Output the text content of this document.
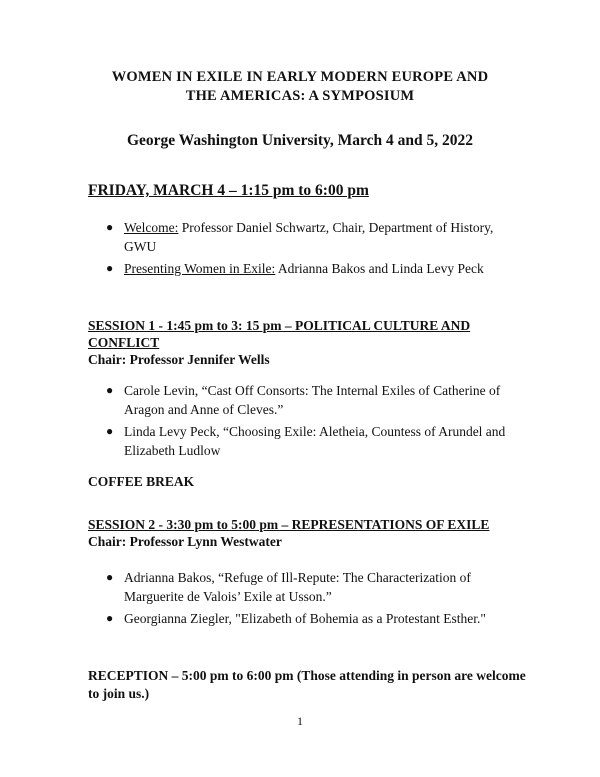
WOMEN IN EXILE IN EARLY MODERN EUROPE AND
THE AMERICAS: A SYMPOSIUM
George Washington University, March 4 and 5, 2022
FRIDAY, MARCH 4 – 1:15 pm to 6:00 pm
● Welcome: Professor Daniel Schwartz, Chair, Department of History, GWU
● Presenting Women in Exile: Adrianna Bakos and Linda Levy Peck
SESSION 1 - 1:45 pm to 3: 15 pm – POLITICAL CULTURE AND CONFLICT
Chair: Professor Jennifer Wells
● Carole Levin, “Cast Off Consorts: The Internal Exiles of Catherine of Aragon and Anne of Cleves.”
● Linda Levy Peck, “Choosing Exile: Aletheia, Countess of Arundel and Elizabeth Ludlow
COFFEE BREAK
SESSION 2 - 3:30 pm to 5:00 pm – REPRESENTATIONS OF EXILE
Chair: Professor Lynn Westwater
● Adrianna Bakos, “Refuge of Ill-Repute: The Characterization of Marguerite de Valois’ Exile at Usson.”
● Georgianna Ziegler, "Elizabeth of Bohemia as a Protestant Esther."
RECEPTION – 5:00 pm to 6:00 pm (Those attending in person are welcome to join us.)
1
